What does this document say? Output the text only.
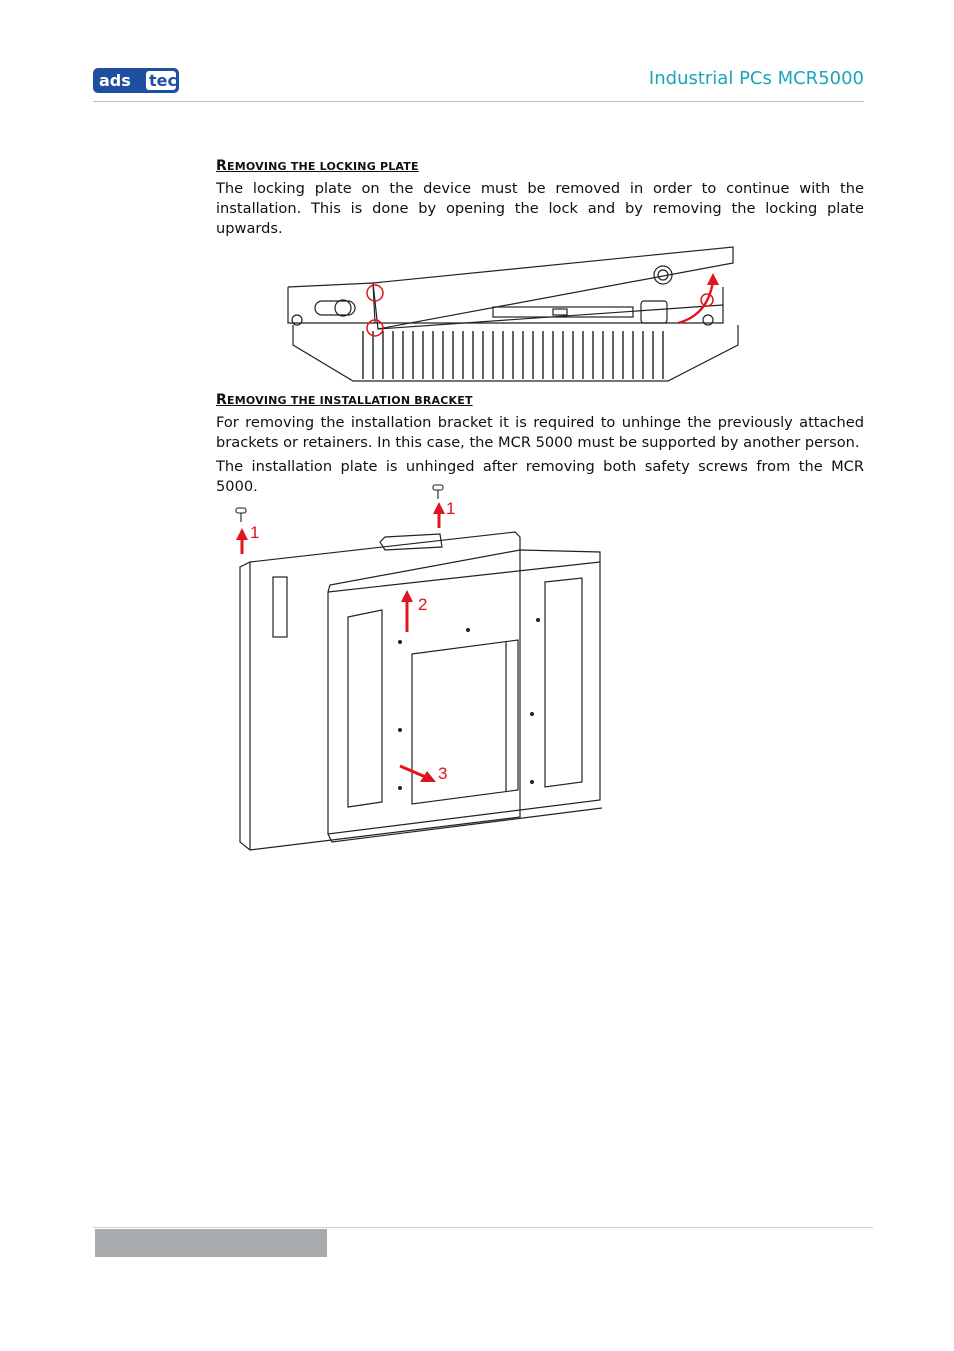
ads tec	Industrial PCs MCR5000
REMOVING THE LOCKING PLATE
The locking plate on the device must be removed in order to continue with the installation. This is done by opening the lock and by removing the locking plate upwards.
REMOVING THE INSTALLATION BRACKET
For removing the installation bracket it is required to unhinge the previously attached brackets or retainers. In this case, the MCR 5000 must be supported by another person.
The installation plate is unhinged after removing both safety screws from the MCR 5000.
1
1
2
3
